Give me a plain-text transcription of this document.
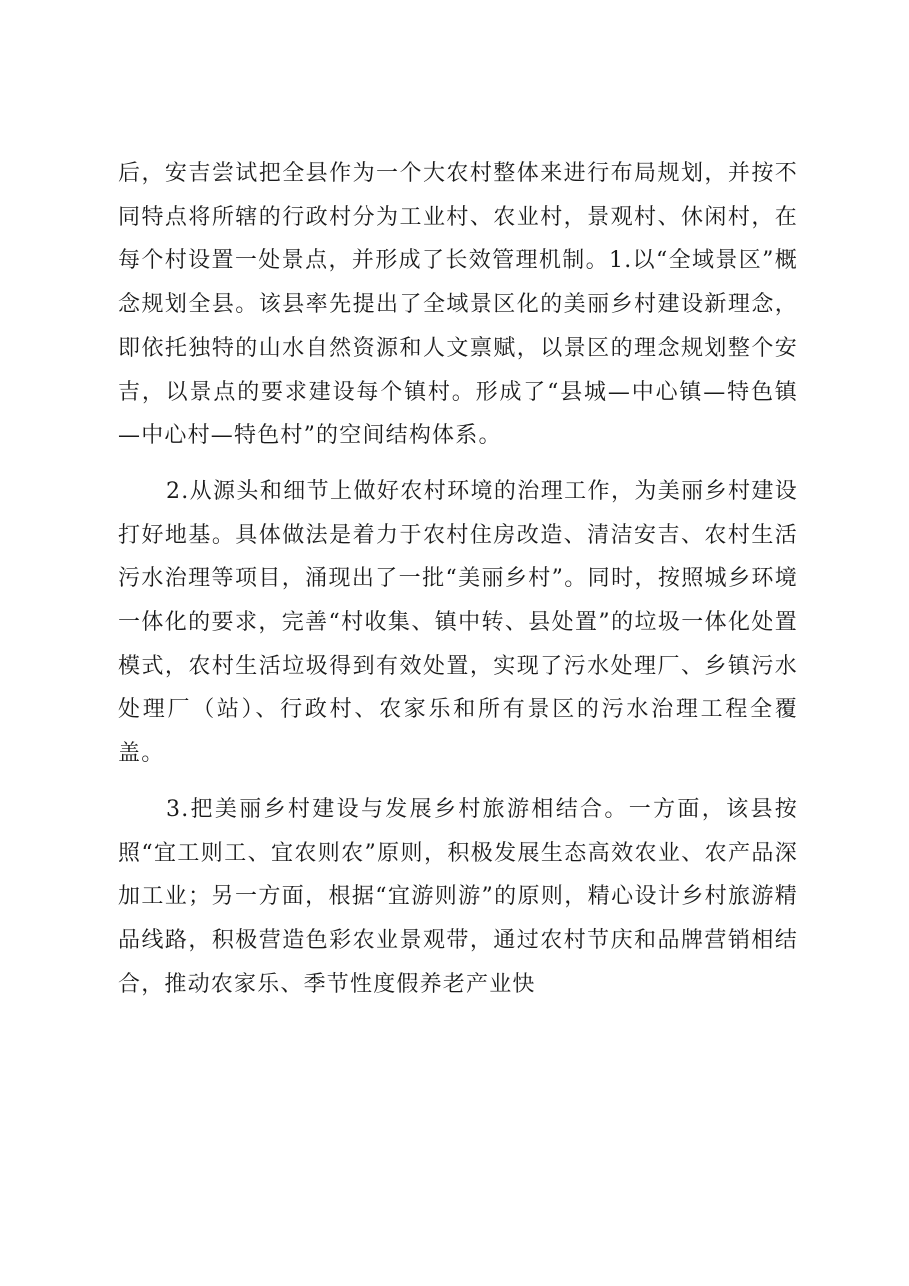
后，安吉尝试把全县作为一个大农村整体来进行布局规划，并按不同特点将所辖的行政村分为工业村、农业村，景观村、休闲村，在每个村设置一处景点，并形成了长效管理机制。1.以“全域景区”概念规划全县。该县率先提出了全域景区化的美丽乡村建设新理念，即依托独特的山水自然资源和人文禀赋，以景区的理念规划整个安吉，以景点的要求建设每个镇村。形成了“县城—中心镇—特色镇—中心村—特色村”的空间结构体系。

2.从源头和细节上做好农村环境的治理工作，为美丽乡村建设打好地基。具体做法是着力于农村住房改造、清洁安吉、农村生活污水治理等项目，涌现出了一批“美丽乡村”。同时，按照城乡环境一体化的要求，完善“村收集、镇中转、县处置”的垃圾一体化处置模式，农村生活垃圾得到有效处置，实现了污水处理厂、乡镇污水处理厂（站）、行政村、农家乐和所有景区的污水治理工程全覆盖。

3.把美丽乡村建设与发展乡村旅游相结合。一方面，该县按照“宜工则工、宜农则农”原则，积极发展生态高效农业、农产品深加工业；另一方面，根据“宜游则游”的原则，精心设计乡村旅游精品线路，积极营造色彩农业景观带，通过农村节庆和品牌营销相结合，推动农家乐、季节性度假养老产业快
